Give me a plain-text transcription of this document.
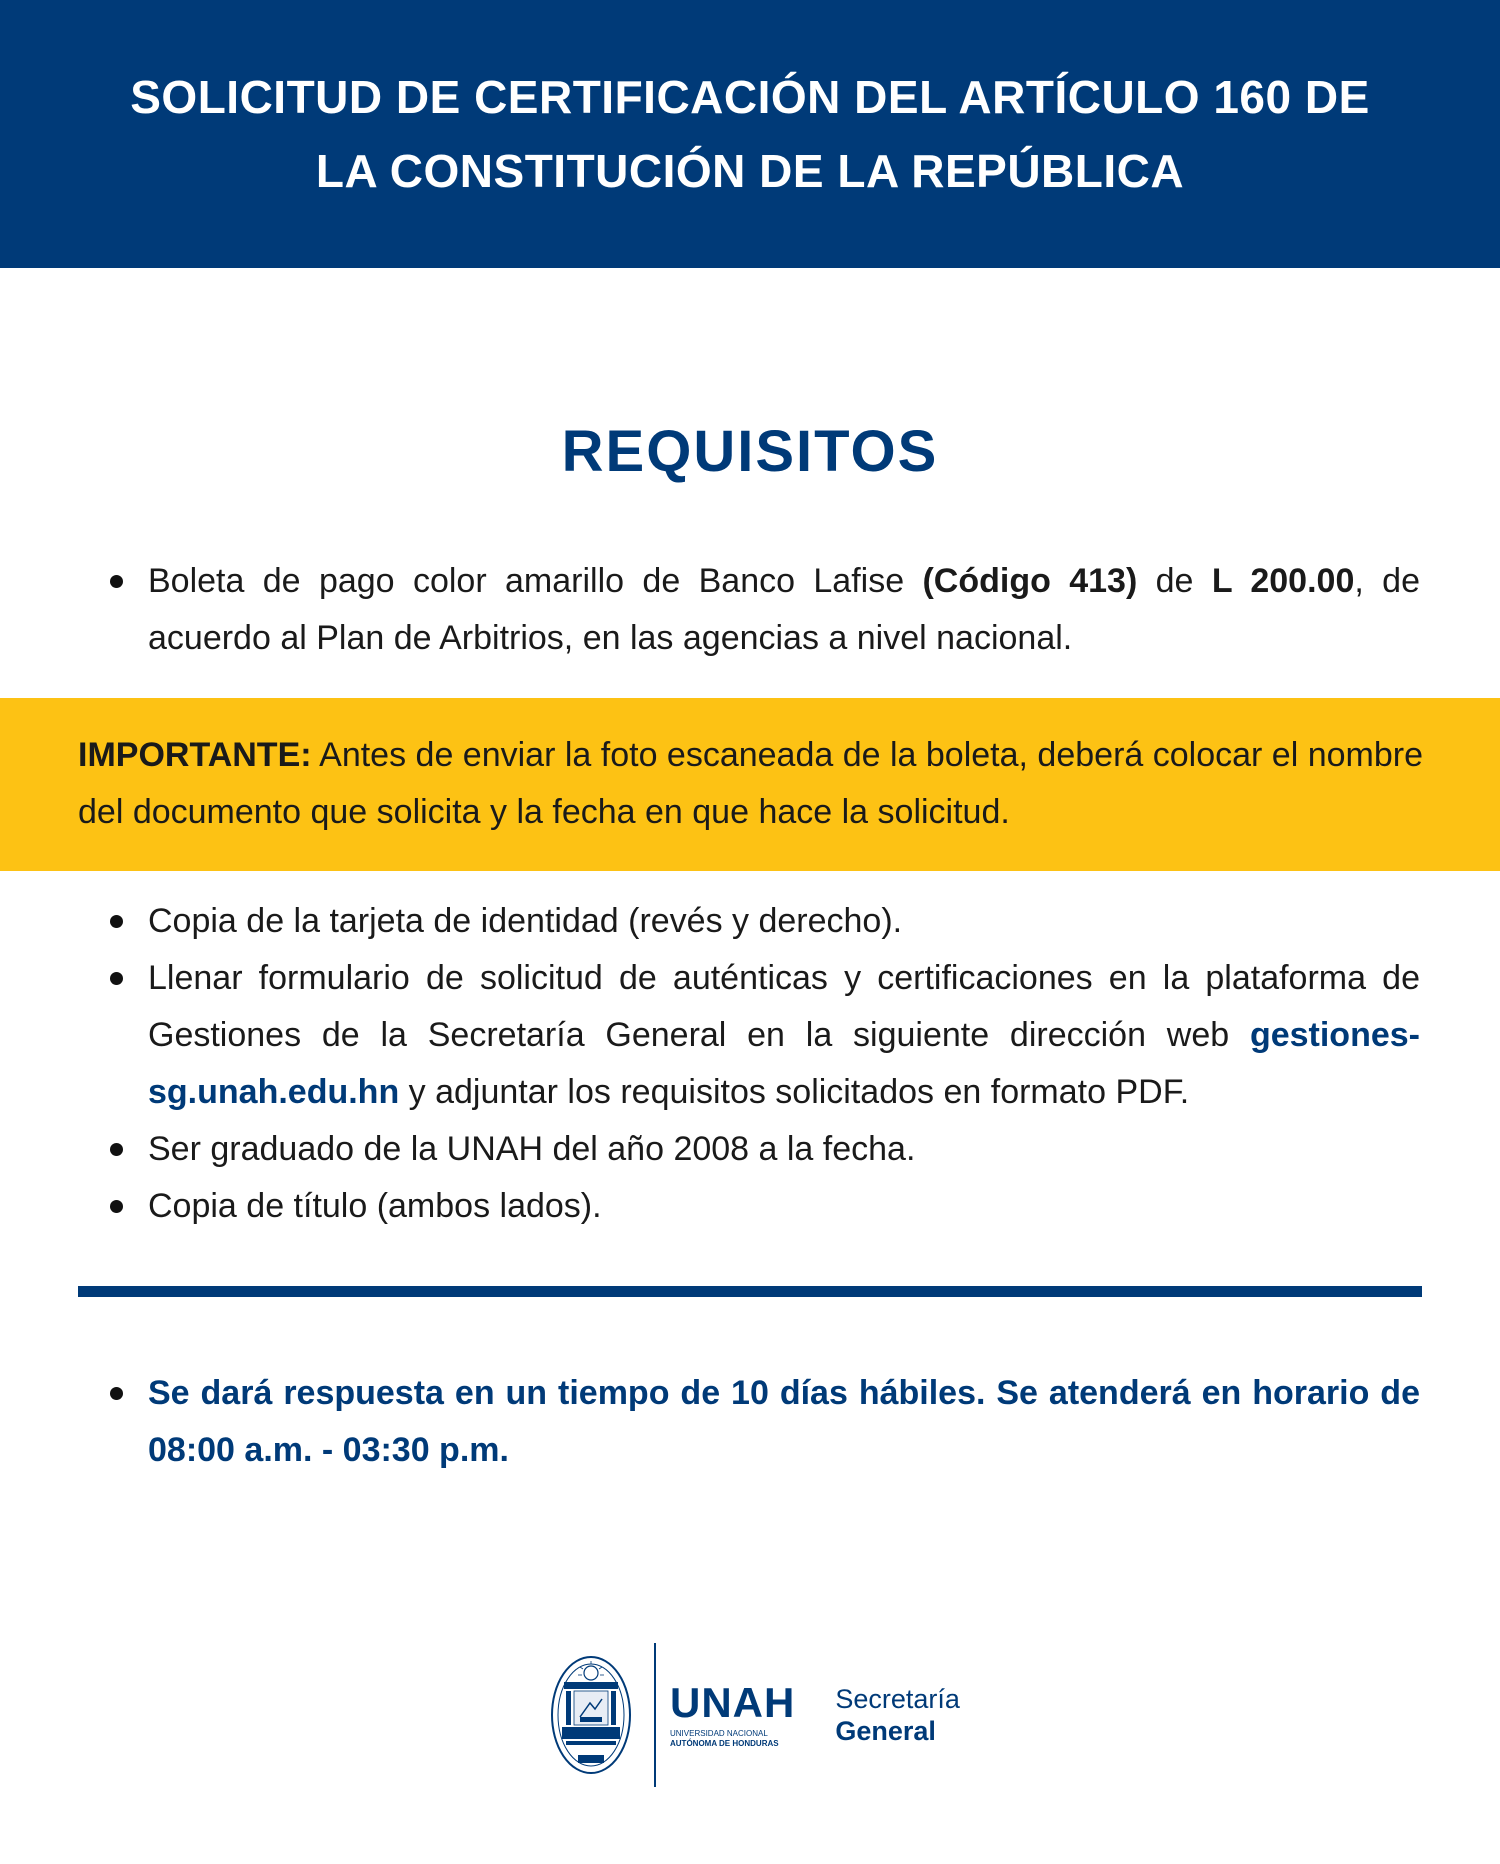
SOLICITUD DE CERTIFICACIÓN DEL ARTÍCULO 160 DE LA CONSTITUCIÓN DE LA REPÚBLICA
REQUISITOS
Boleta de pago color amarillo de Banco Lafise (Código 413) de L 200.00, de acuerdo al Plan de Arbitrios, en las agencias a nivel nacional.

IMPORTANTE: Antes de enviar la foto escaneada de la boleta, deberá colocar el nombre del documento que solicita y la fecha en que hace la solicitud.

Copia de la tarjeta de identidad (revés y derecho).
Llenar formulario de solicitud de auténticas y certificaciones en la plataforma de Gestiones de la Secretaría General en la siguiente dirección web gestiones-sg.unah.edu.hn y adjuntar los requisitos solicitados en formato PDF.
Ser graduado de la UNAH del año 2008 a la fecha.
Copia de título (ambos lados).
Se dará respuesta en un tiempo de 10 días hábiles. Se atenderá en horario de 08:00 a.m. - 03:30 p.m.
UNAH
UNIVERSIDAD NACIONAL
AUTÓNOMA DE HONDURAS
Secretaría
General
